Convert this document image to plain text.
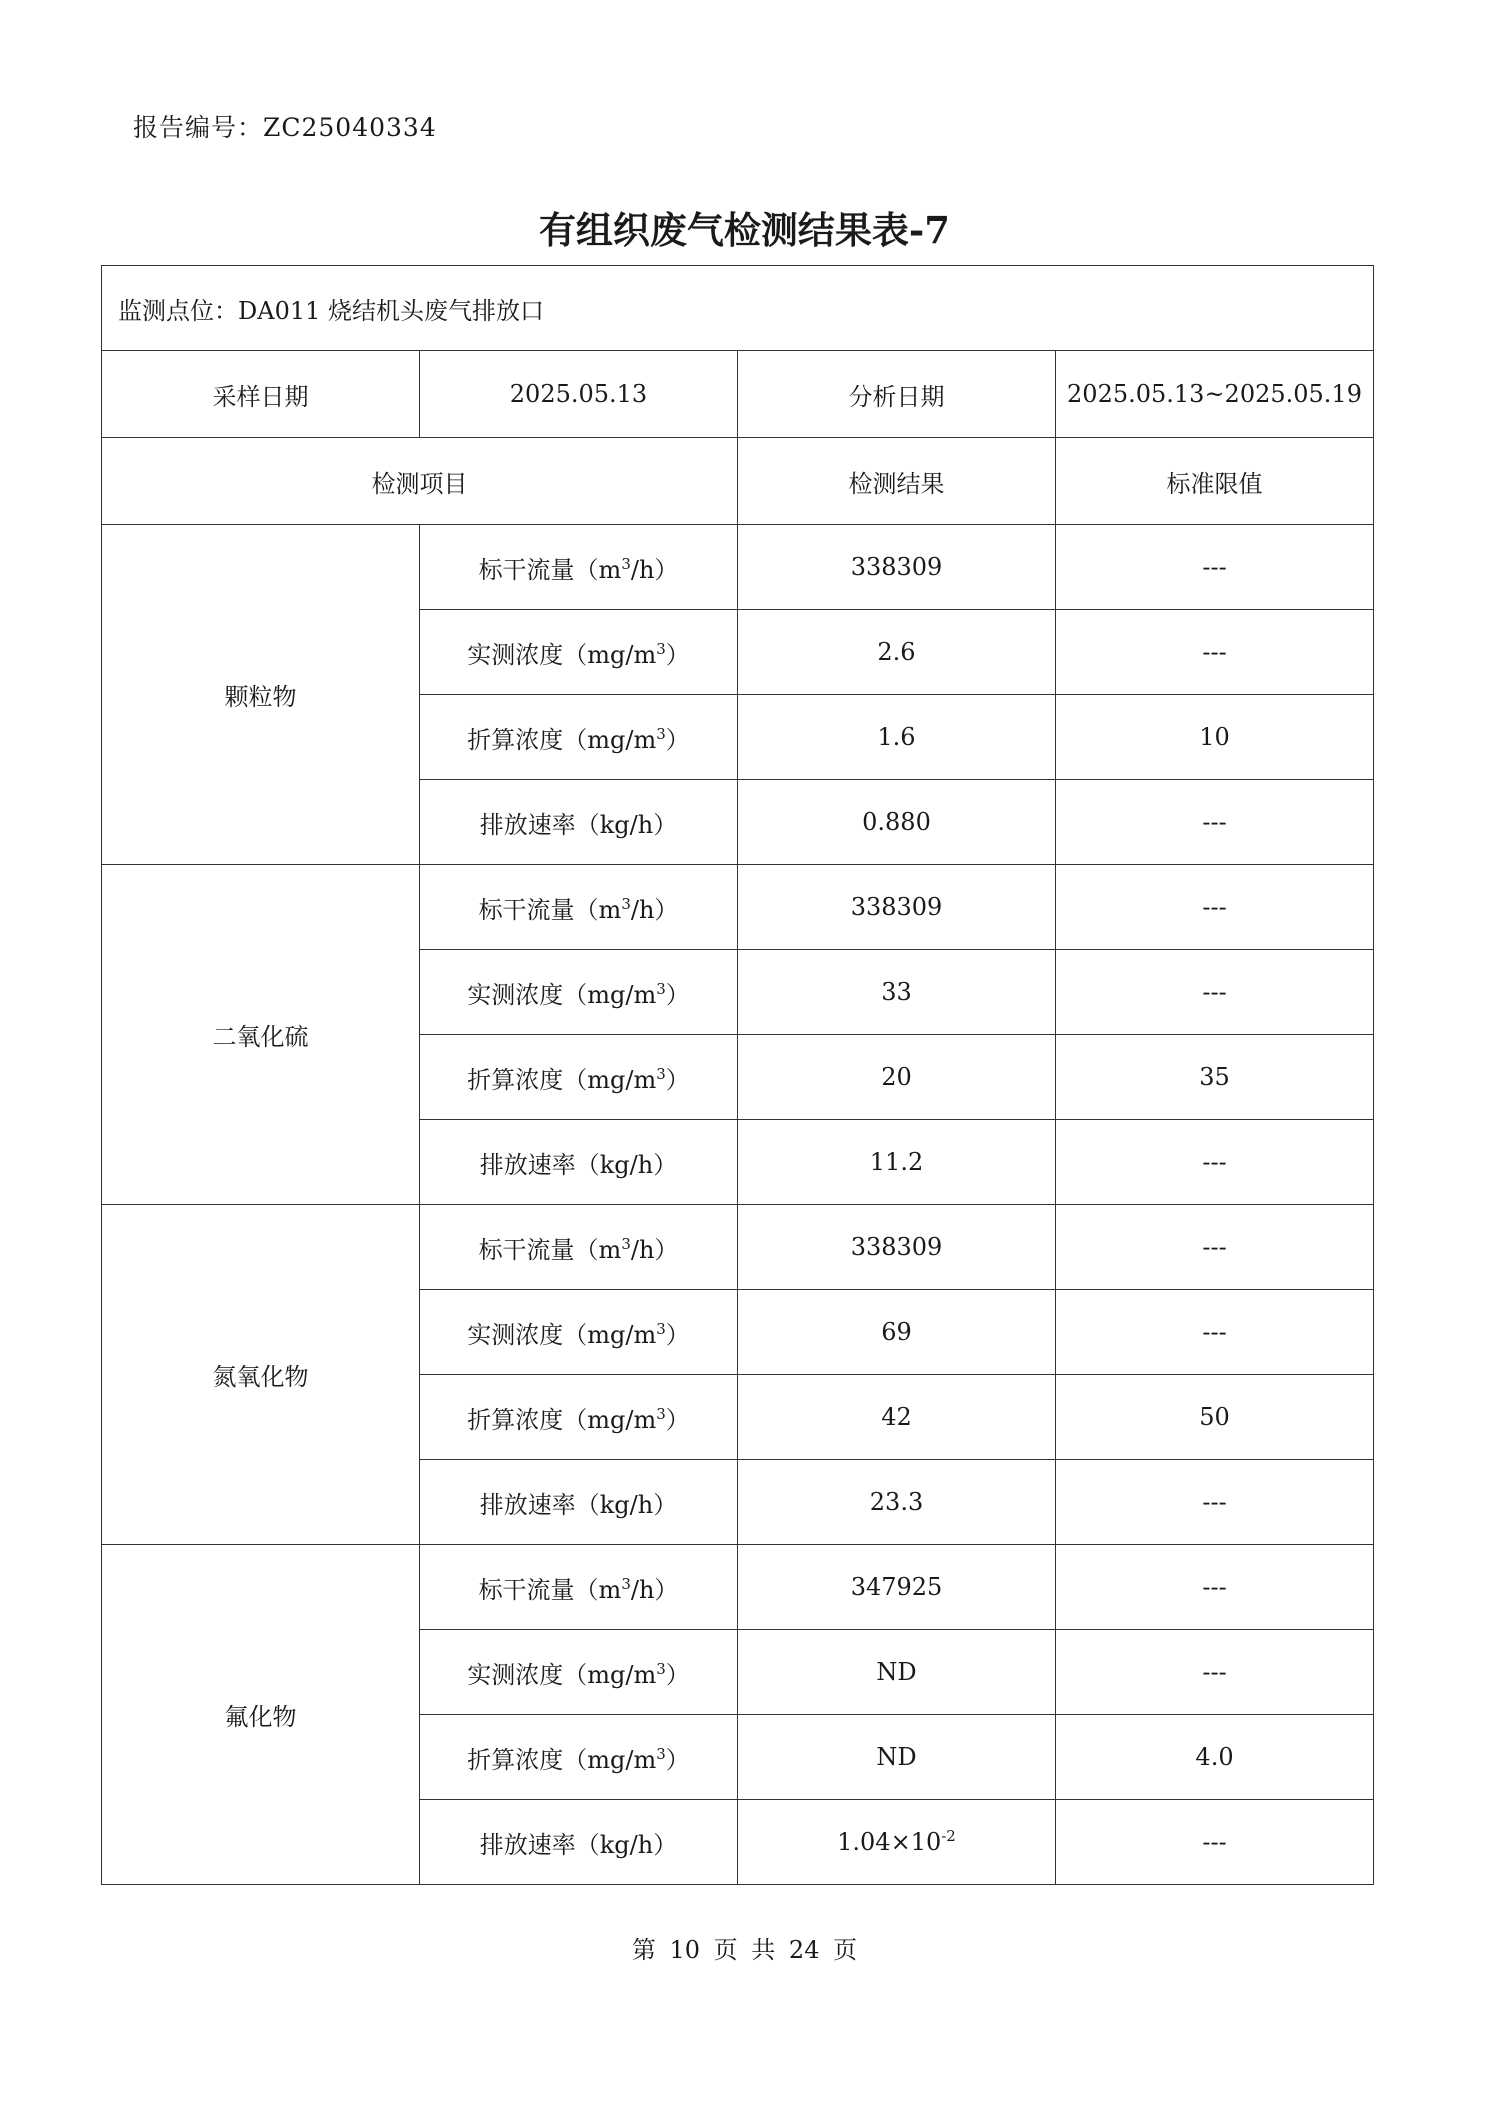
报告编号：ZC25040334
有组织废气检测结果表-7
监测点位：DA011 烧结机头废气排放口			
采样日期	2025.05.13	分析日期	2025.05.13~2025.05.19
检测项目		检测结果	标准限值
颗粒物	标干流量$(m^3/h)$	338309	---
	实测浓度$(mg/m^3)$	2.6	---
	折算浓度$(mg/m^3)$	1.6	10
	排放速率（kg/h）	0.880	---
二氧化硫	标干流量$(m^3/h)$	338309	---
	实测浓度$(mg/m^3)$	33	---
	折算浓度$(mg/m^3)$	20	35
	排放速率（kg/h）	11.2	---
氮氧化物	标干流量$(m^3/h)$	338309	---
	实测浓度$(mg/m^3)$	69	---
	折算浓度$(mg/m^3)$	42	50
	排放速率（kg/h）	23.3	---
氟化物	标干流量$(m^3/h)$	347925	---
	实测浓度$(mg/m^3)$	ND	---
	折算浓度$(mg/m^3)$	ND	4.0
	排放速率（kg/h）	$1.04\times 10^{-2}$	---
第 10 页 共 24 页
